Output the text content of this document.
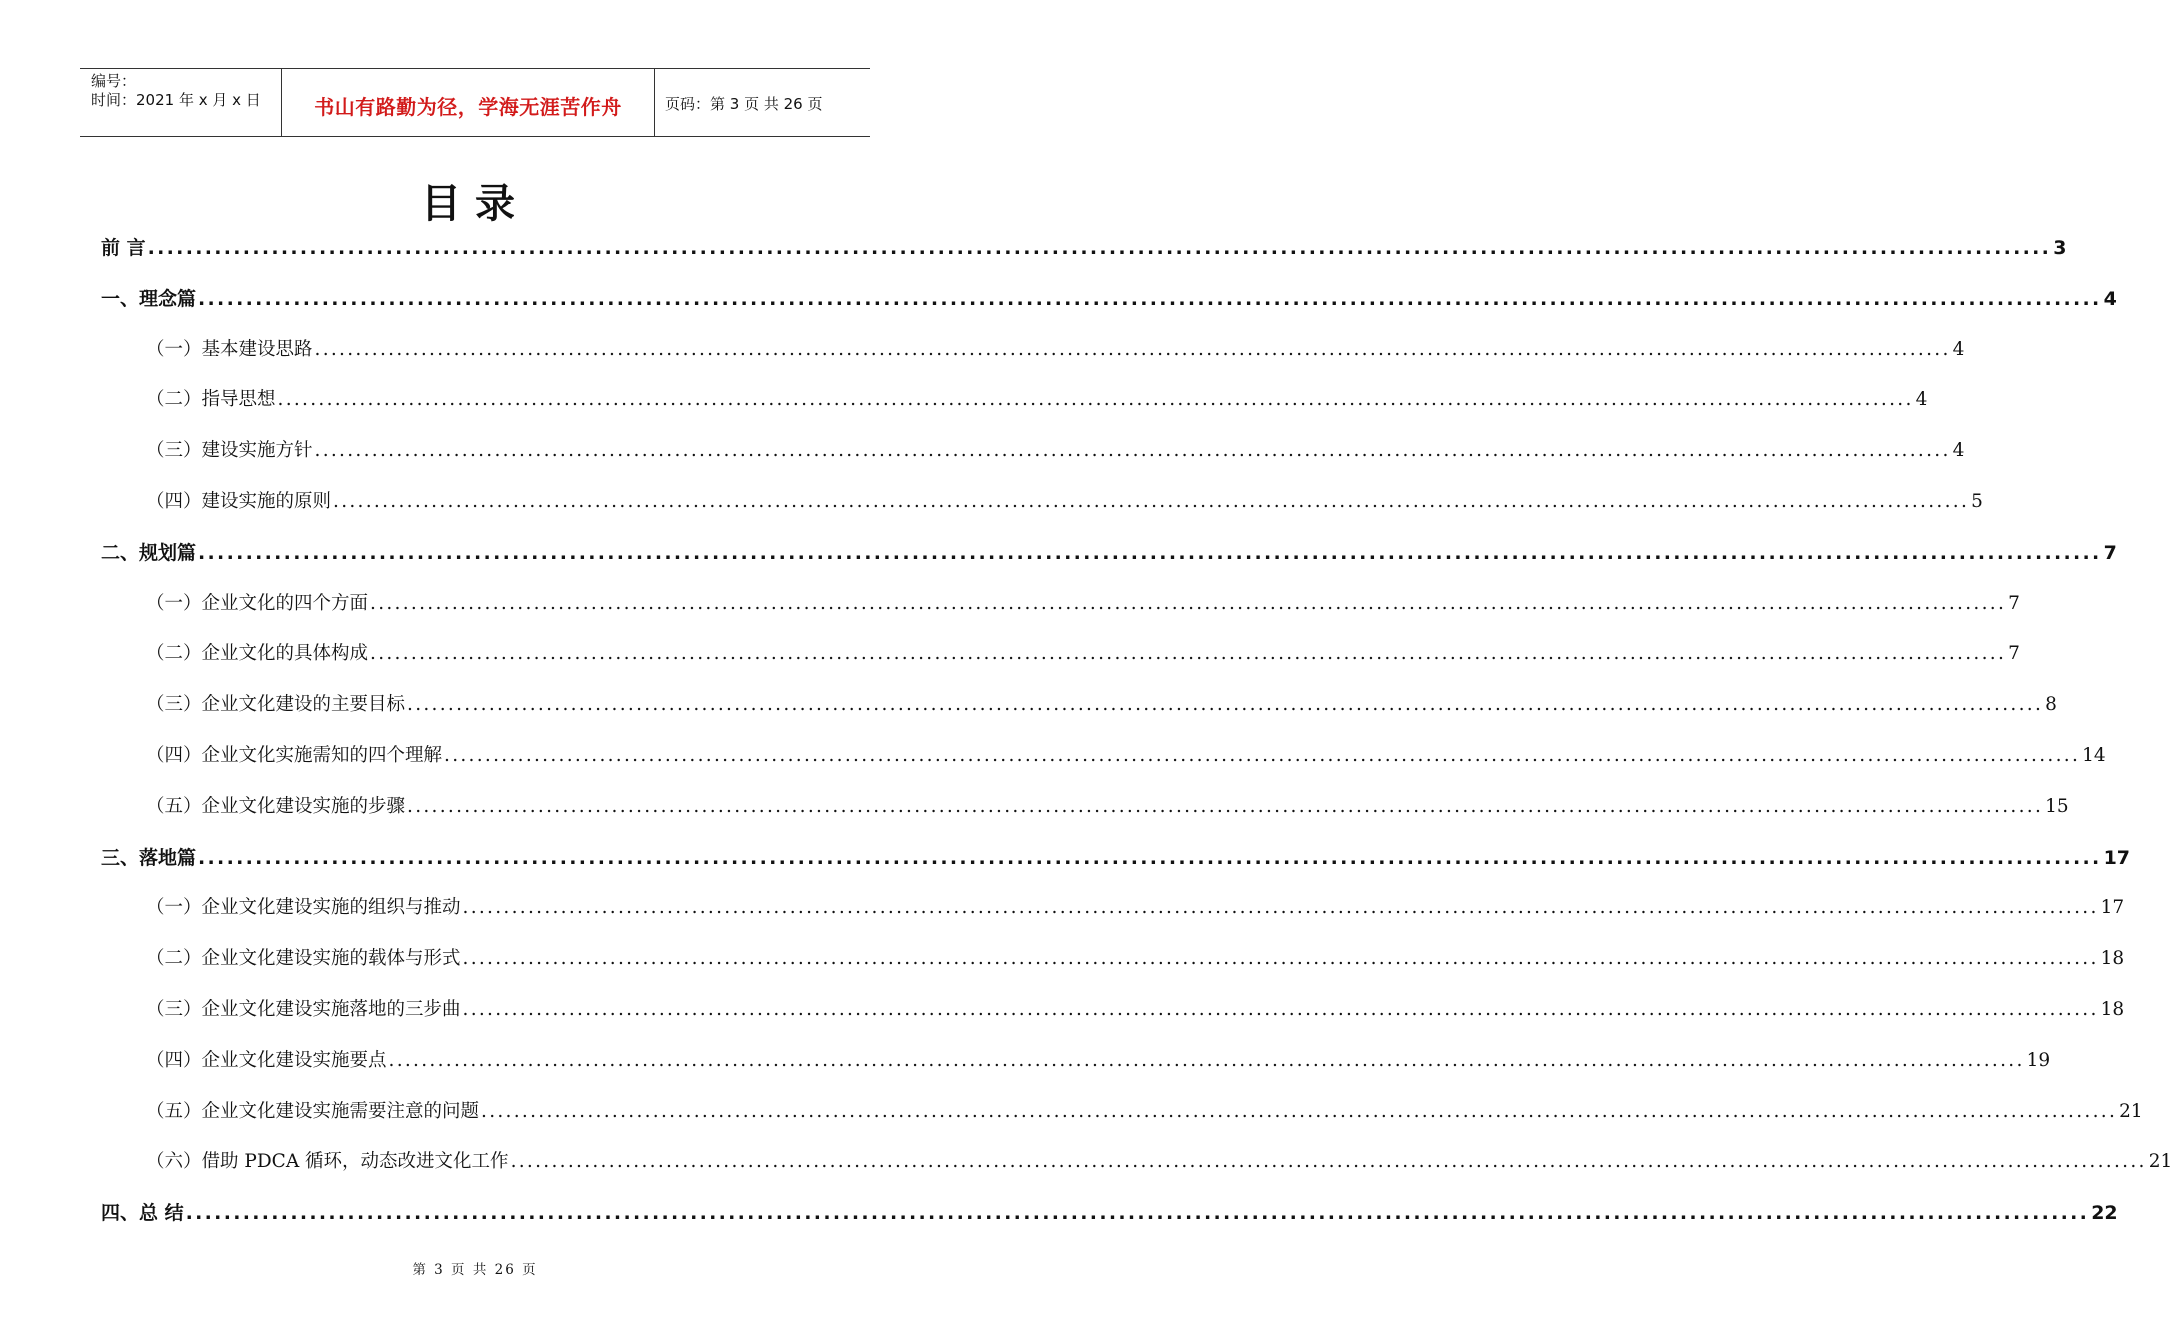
编号：
时间：2021 年 x 月 x 日	书山有路勤为径，学海无涯苦作舟	页码：第 3 页 共 26 页
目录
前 言 ........................................................................................................................................................................................................ 3
一、理念篇 ........................................................................................................................................................................................................ 4
（一）基本建设思路 ........................................................................................................................................................................................................ 4
（二）指导思想 ........................................................................................................................................................................................................ 4
（三）建设实施方针 ........................................................................................................................................................................................................ 4
（四）建设实施的原则 ........................................................................................................................................................................................................ 5
二、规划篇 ........................................................................................................................................................................................................ 7
（一）企业文化的四个方面 ........................................................................................................................................................................................................ 7
（二）企业文化的具体构成 ........................................................................................................................................................................................................ 7
（三）企业文化建设的主要目标 ........................................................................................................................................................................................................ 8
（四）企业文化实施需知的四个理解 ........................................................................................................................................................................................................ 14
（五）企业文化建设实施的步骤 ........................................................................................................................................................................................................ 15
三、落地篇 ........................................................................................................................................................................................................ 17
（一）企业文化建设实施的组织与推动 ........................................................................................................................................................................................................ 17
（二）企业文化建设实施的载体与形式 ........................................................................................................................................................................................................ 18
（三）企业文化建设实施落地的三步曲 ........................................................................................................................................................................................................ 18
（四）企业文化建设实施要点 ........................................................................................................................................................................................................ 19
（五）企业文化建设实施需要注意的问题 ........................................................................................................................................................................................................ 21
（六）借助 PDCA 循环，动态改进文化工作 ........................................................................................................................................................................................................ 21
四、总 结 ........................................................................................................................................................................................................ 22
第 3 页 共 26 页
